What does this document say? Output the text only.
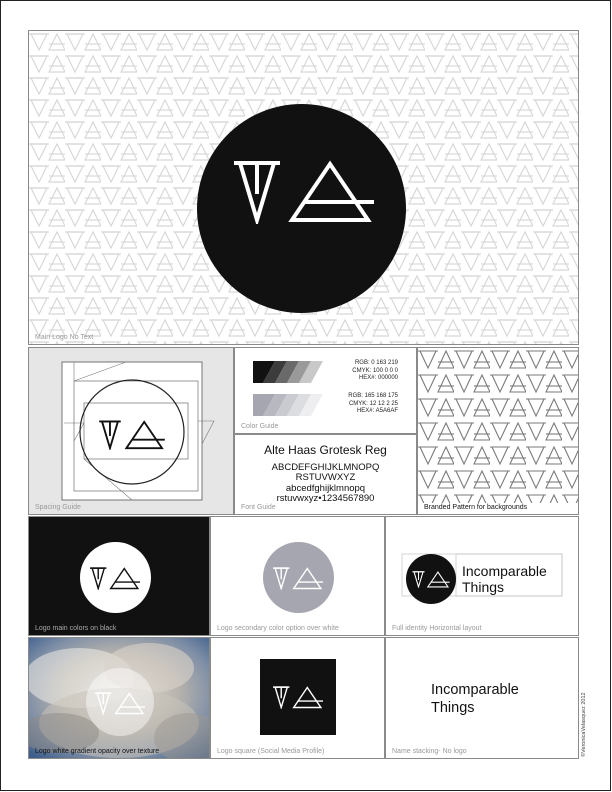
Main Logo No Text
Spacing Guide
RGB: 0 163 219
CMYK: 100 0 0 0
HEX#: 000000
RGB: 165 168 175
CMYK: 12 12 2 25
HEX#: A5A6AF
Color Guide
Alte Haas Grotesk Reg
ABCDEFGHIJKLMNOPQ
RSTUVWXYZ
abcedfghijklmnopq
rstuvwxyz•1234567890
Font Guide	Branded Pattern for backgrounds
Logo main colors on black	Logo secondary color option over white
Incomparable
Things
Full identity Horizontal layout
Logo white gradient opacity over texture	Logo square (Social Media Profile)
Incomparable
Things
Name stacking- No logo	©VeronicaVelasquez 2012
